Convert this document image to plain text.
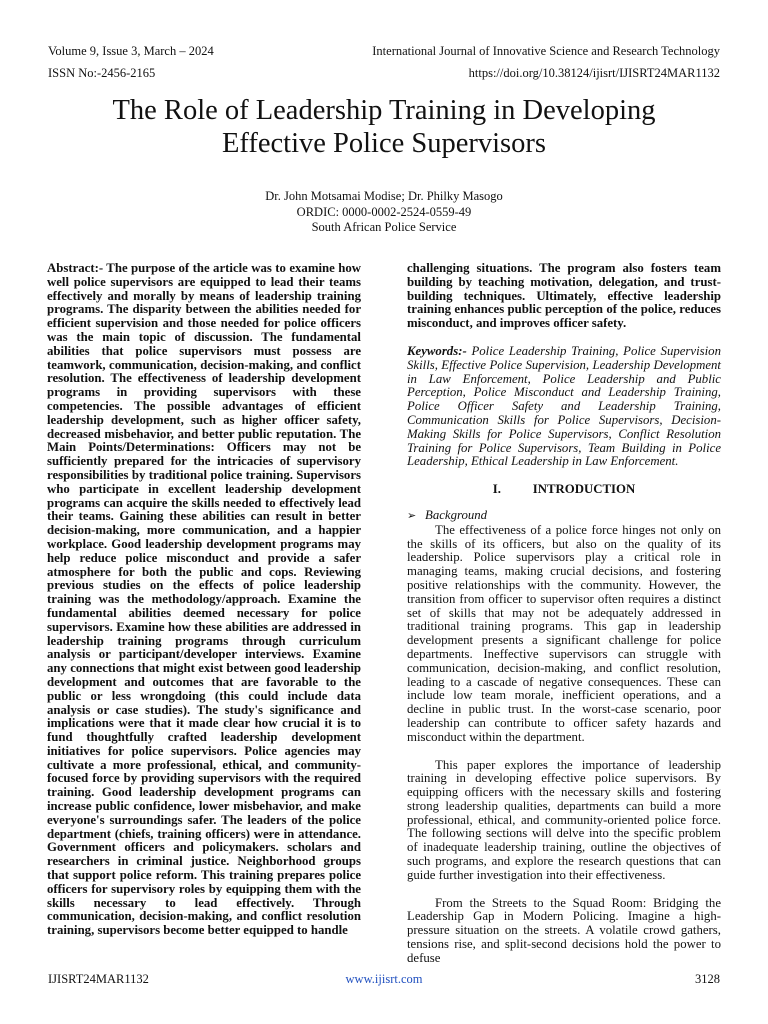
Volume 9, Issue 3, March – 2024	International Journal of Innovative Science and Research Technology
ISSN No:-2456-2165	https://doi.org/10.38124/ijisrt/IJISRT24MAR1132
The Role of Leadership Training in Developing
Effective Police Supervisors
Dr. John Motsamai Modise; Dr. Philky Masogo
ORDIC: 0000-0002-2524-0559-49
South African Police Service

Abstract:- The purpose of the article was to examine how well police supervisors are equipped to lead their teams effectively and morally by means of leadership training programs. The disparity between the abilities needed for efficient supervision and those needed for police officers was the main topic of discussion. The fundamental abilities that police supervisors must possess are teamwork, communication, decision-making, and conflict resolution. The effectiveness of leadership development programs in providing supervisors with these competencies. The possible advantages of efficient leadership development, such as higher officer safety, decreased misbehavior, and better public reputation. The Main Points/Determinations: Officers may not be sufficiently prepared for the intricacies of supervisory responsibilities by traditional police training. Supervisors who participate in excellent leadership development programs can acquire the skills needed to effectively lead their teams. Gaining these abilities can result in better decision-making, more communication, and a happier workplace. Good leadership development programs may help reduce police misconduct and provide a safer atmosphere for both the public and cops. Reviewing previous studies on the effects of police leadership training was the methodology/approach. Examine the fundamental abilities deemed necessary for police supervisors. Examine how these abilities are addressed in leadership training programs through curriculum analysis or participant/developer interviews. Examine any connections that might exist between good leadership development and outcomes that are favorable to the public or less wrongdoing (this could include data analysis or case studies). The study's significance and implications were that it made clear how crucial it is to fund thoughtfully crafted leadership development initiatives for police supervisors. Police agencies may cultivate a more professional, ethical, and community-focused force by providing supervisors with the required training. Good leadership development programs can increase public confidence, lower misbehavior, and make everyone's surroundings safer. The leaders of the police department (chiefs, training officers) were in attendance. Government officers and policymakers. scholars and researchers in criminal justice. Neighborhood groups that support police reform. This training prepares police officers for supervisory roles by equipping them with the skills necessary to lead effectively. Through communication, decision-making, and conflict resolution training, supervisors become better equipped to handle

challenging situations. The program also fosters team building by teaching motivation, delegation, and trust-building techniques. Ultimately, effective leadership training enhances public perception of the police, reduces misconduct, and improves officer safety.

Keywords:- Police Leadership Training, Police Supervision Skills, Effective Police Supervision, Leadership Development in Law Enforcement, Police Leadership and Public Perception, Police Misconduct and Leadership Training, Police Officer Safety and Leadership Training, Communication Skills for Police Supervisors, Decision-Making Skills for Police Supervisors, Conflict Resolution Training for Police Supervisors, Team Building in Police Leadership, Ethical Leadership in Law Enforcement.

I. INTRODUCTION

➢ Background

The effectiveness of a police force hinges not only on the skills of its officers, but also on the quality of its leadership. Police supervisors play a critical role in managing teams, making crucial decisions, and fostering positive relationships with the community. However, the transition from officer to supervisor often requires a distinct set of skills that may not be adequately addressed in traditional training programs. This gap in leadership development presents a significant challenge for police departments. Ineffective supervisors can struggle with communication, decision-making, and conflict resolution, leading to a cascade of negative consequences. These can include low team morale, inefficient operations, and a decline in public trust. In the worst-case scenario, poor leadership can contribute to officer safety hazards and misconduct within the department.

This paper explores the importance of leadership training in developing effective police supervisors. By equipping officers with the necessary skills and fostering strong leadership qualities, departments can build a more professional, ethical, and community-oriented police force. The following sections will delve into the specific problem of inadequate leadership training, outline the objectives of such programs, and explore the research questions that can guide further investigation into their effectiveness.

From the Streets to the Squad Room: Bridging the Leadership Gap in Modern Policing. Imagine a high-pressure situation on the streets. A volatile crowd gathers, tensions rise, and split-second decisions hold the power to defuse

IJISRT24MAR1132	www.ijisrt.com	3128
